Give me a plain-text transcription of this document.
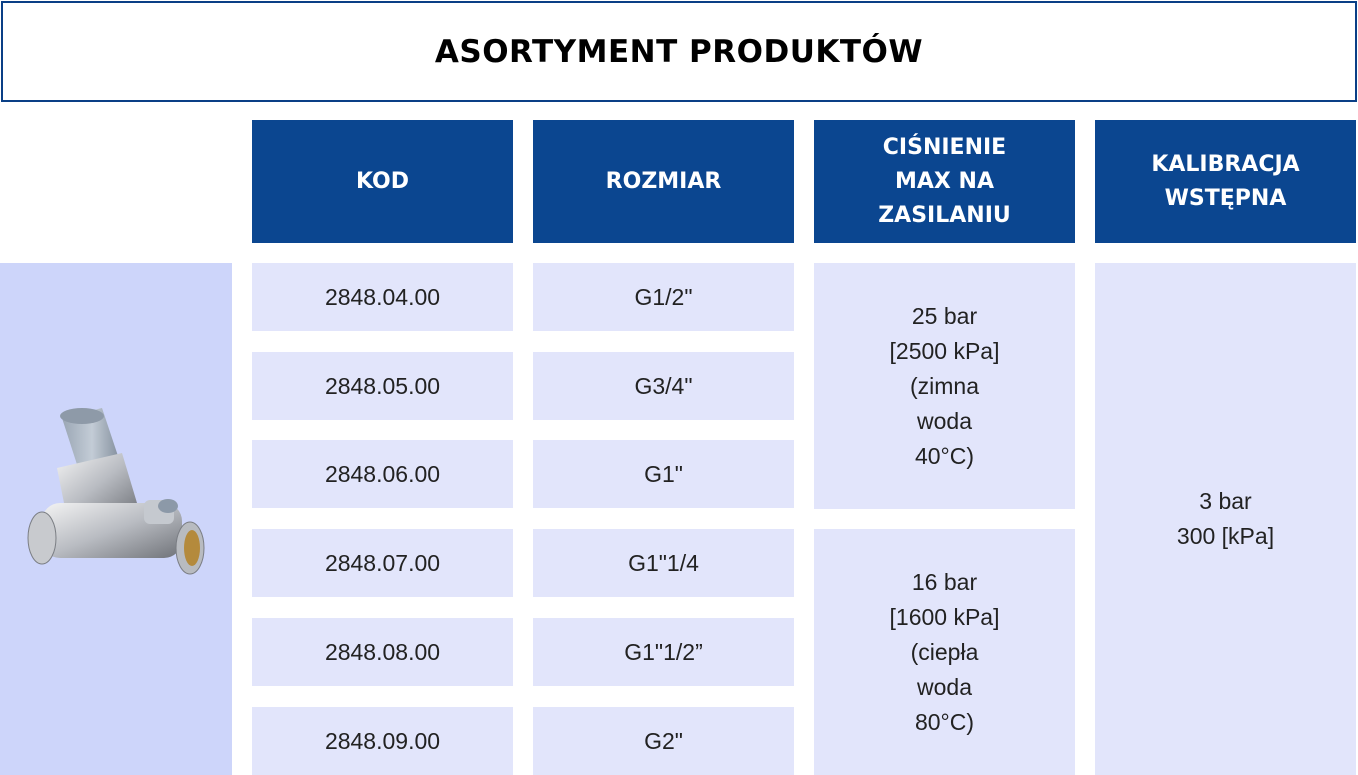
ASORTYMENT PRODUKTÓW
KOD	ROZMIAR
CIŚNIENIE
MAX NA
ZASILANIU
KALIBRACJA
WSTĘPNA
2848.04.00
2848.05.00
2848.06.00
2848.07.00
2848.08.00
2848.09.00
G1/2"
G3/4"
G1"
G1"1/4
G1"1/2”
G2"
25 bar
[2500 kPa]
(zimna
woda
40°C)
16 bar
[1600 kPa]
(ciepła
woda
80°C)
3 bar
300 [kPa]
